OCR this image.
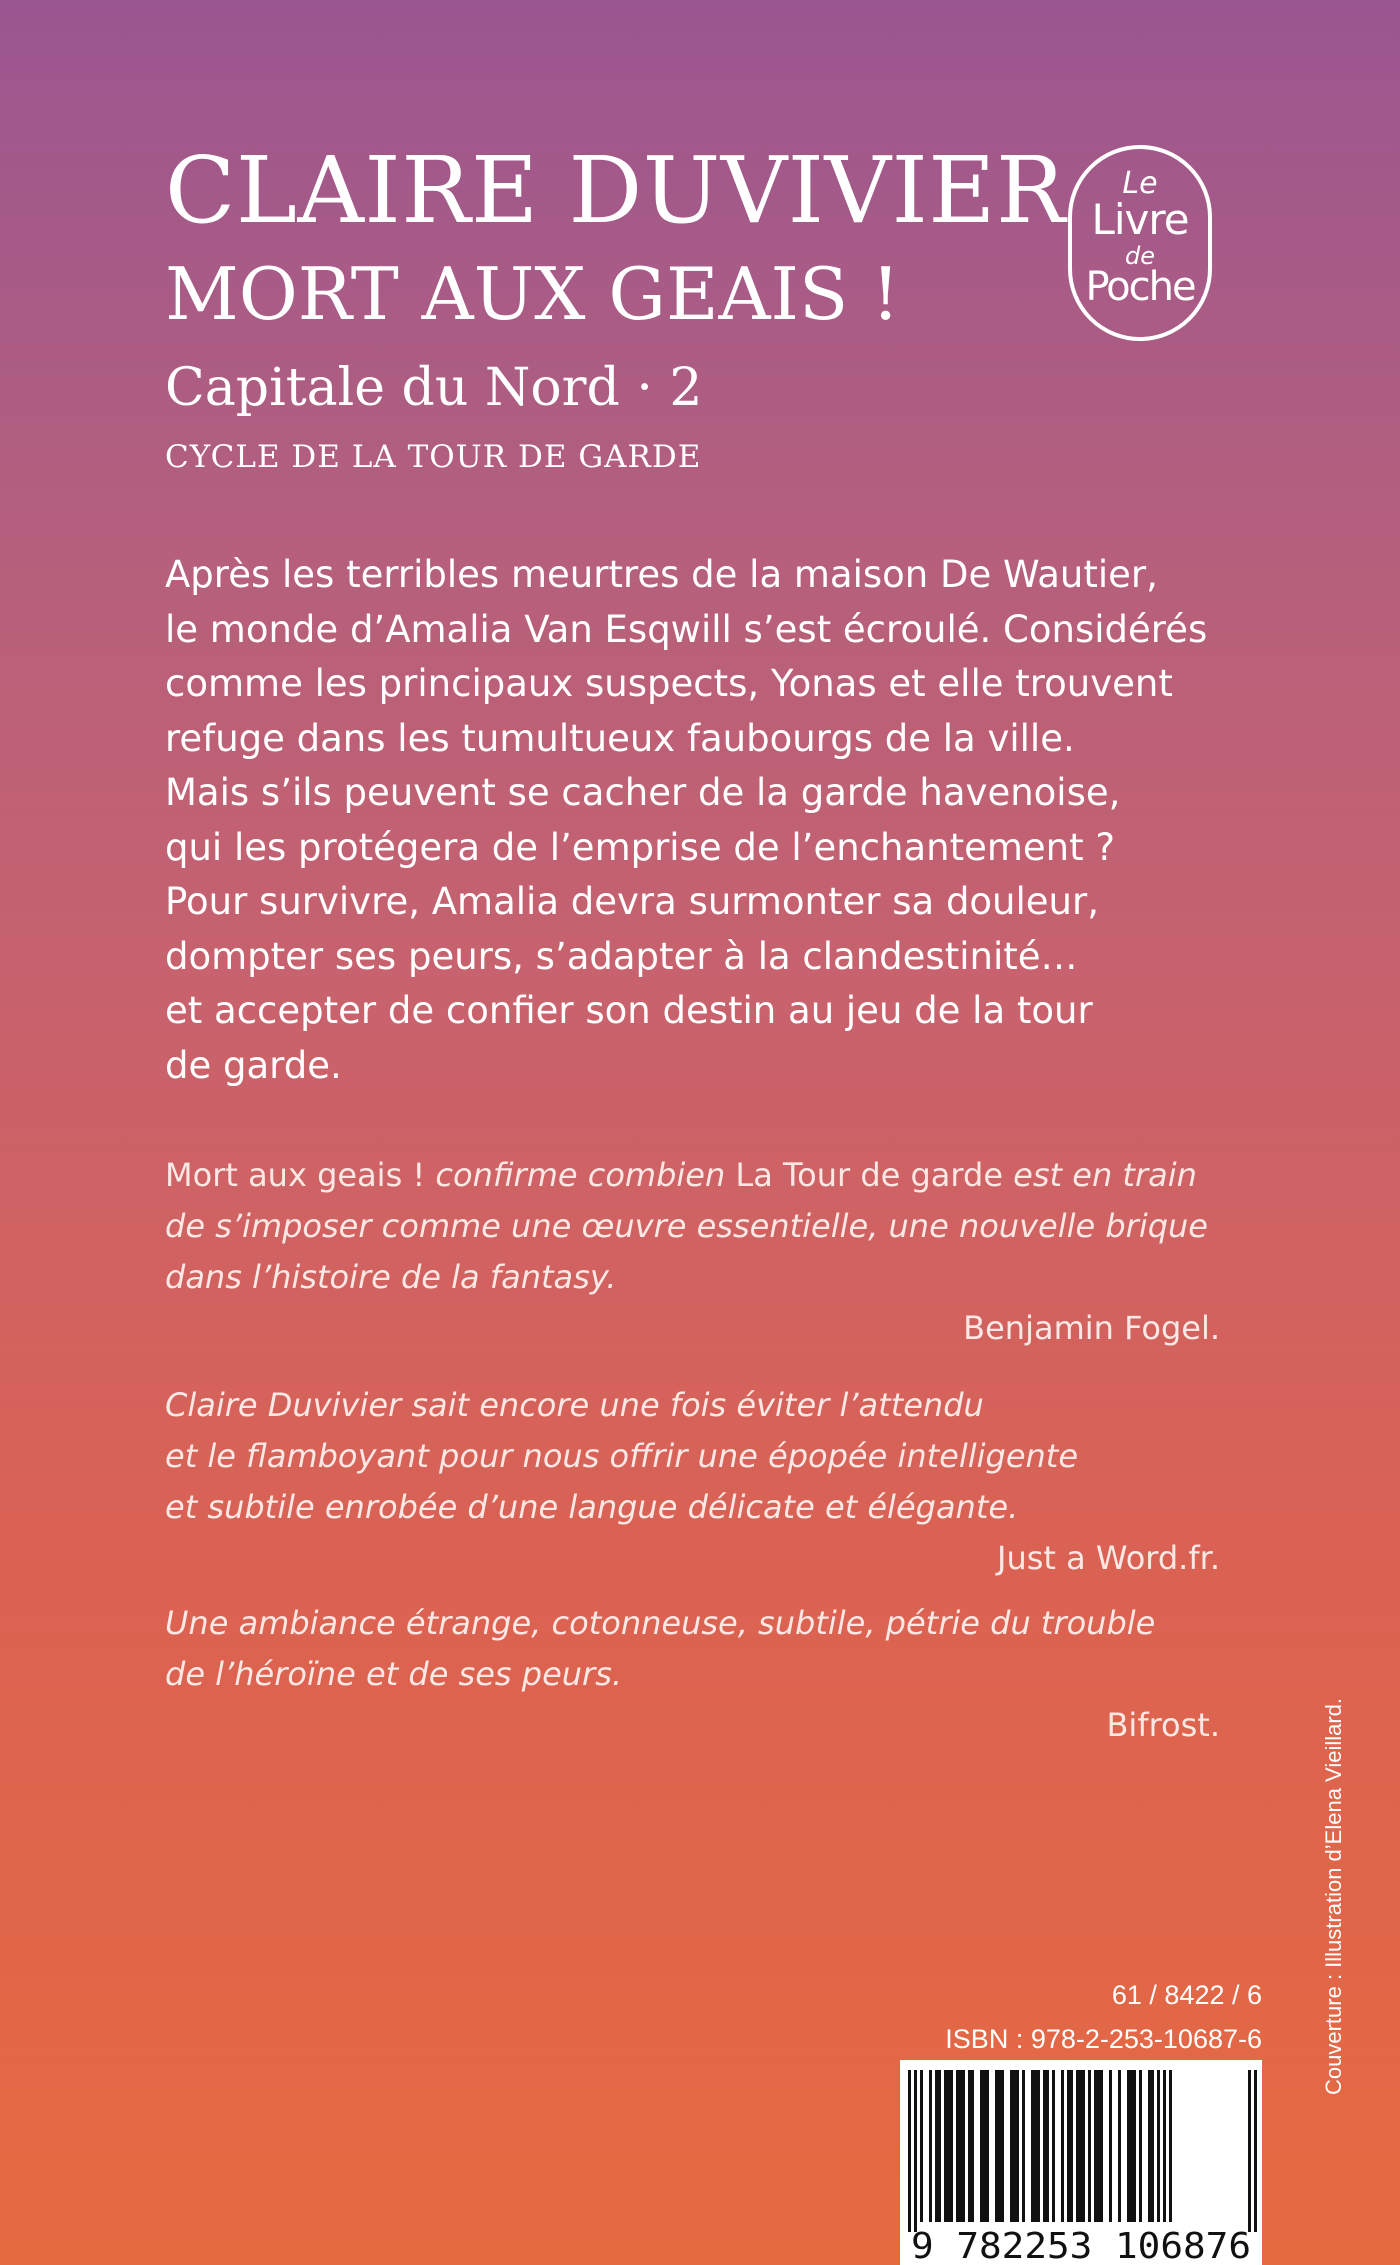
CLAIRE DUVIVIER
MORT AUX GEAIS !
Capitale du Nord · 2
CYCLE DE LA TOUR DE GARDE
Le
Livre
de
Poche
Après les terribles meurtres de la maison De Wautier,
le monde d’Amalia Van Esqwill s’est écroulé. Considérés
comme les principaux suspects, Yonas et elle trouvent
refuge dans les tumultueux faubourgs de la ville.
Mais s’ils peuvent se cacher de la garde havenoise,
qui les protégera de l’emprise de l’enchantement ?
Pour survivre, Amalia devra surmonter sa douleur,
dompter ses peurs, s’adapter à la clandestinité…
et accepter de confier son destin au jeu de la tour
de garde.
Mort aux geais ! confirme combien La Tour de garde est en train
de s’imposer comme une œuvre essentielle, une nouvelle brique
dans l’histoire de la fantasy.
Benjamin Fogel.
Claire Duvivier sait encore une fois éviter l’attendu
et le flamboyant pour nous offrir une épopée intelligente
et subtile enrobée d’une langue délicate et élégante.
Just a Word.fr.
Une ambiance étrange, cotonneuse, subtile, pétrie du trouble
de l’héroïne et de ses peurs.
Bifrost.
61 / 8422 / 6
ISBN : 978-2-253-10687-6
9 782253 106876
Couverture : Illustration d’Elena Vieillard.
